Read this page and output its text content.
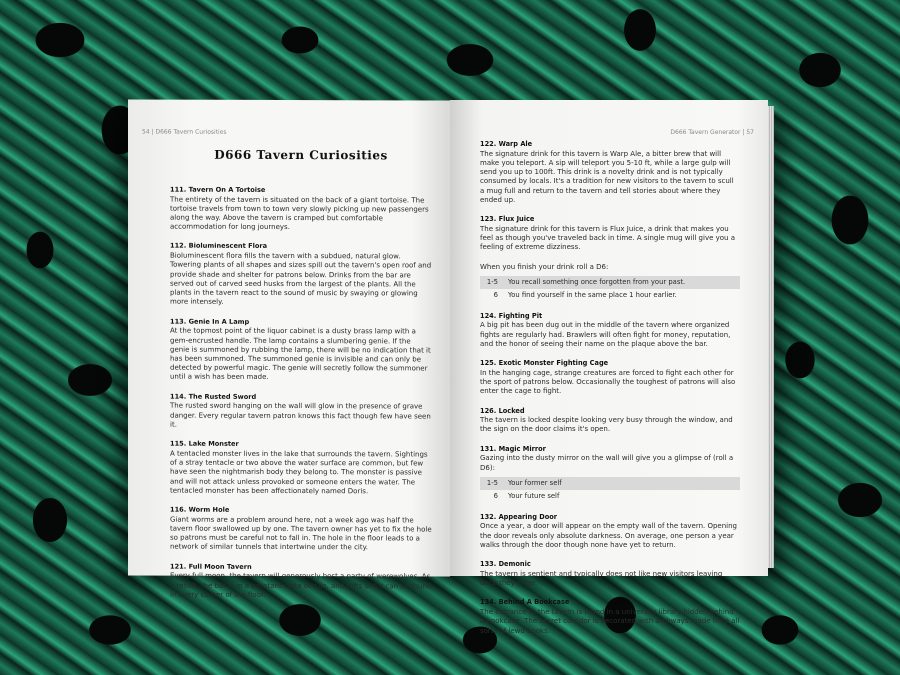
54 | D666 Tavern Curiosities
D666 Tavern Curiosities
111. Tavern On A Tortoise

The entirety of the tavern is situated on the back of a giant tortoise. The tortoise travels from town to town very slowly picking up new passengers along the way. Above the tavern is cramped but comfortable accommodation for long journeys.

112. Bioluminescent Flora

Bioluminescent flora fills the tavern with a subdued, natural glow. Towering plants of all shapes and sizes spill out the tavern's open roof and provide shade and shelter for patrons below. Drinks from the bar are served out of carved seed husks from the largest of the plants. All the plants in the tavern react to the sound of music by swaying or glowing more intensely.

113. Genie In A Lamp

At the topmost point of the liquor cabinet is a dusty brass lamp with a gem-encrusted handle. The lamp contains a slumbering genie. If the genie is summoned by rubbing the lamp, there will be no indication that it has been summoned. The summoned genie is invisible and can only be detected by powerful magic. The genie will secretly follow the summoner until a wish has been made.

114. The Rusted Sword

The rusted sword hanging on the wall will glow in the presence of grave danger. Every regular tavern patron knows this fact though few have seen it.

115. Lake Monster

A tentacled monster lives in the lake that surrounds the tavern. Sightings of a stray tentacle or two above the water surface are common, but few have seen the nightmarish body they belong to. The monster is passive and will not attack unless provoked or someone enters the water. The tentacled monster has been affectionately named Doris.

116. Worm Hole

Giant worms are a problem around here, not a week ago was half the tavern floor swallowed up by one. The tavern owner has yet to fix the hole so patrons must be careful not to fall in. The hole in the floor leads to a network of similar tunnels that intertwine under the city.

121. Full Moon Tavern

Every full moon, the tavern will generously host a party of werewolves. As a result, the bar is in a constant state of ruin, and tufts of fur can be found in every corner of the floor.

D666 Tavern Generator | 57
122. Warp Ale

The signature drink for this tavern is Warp Ale, a bitter brew that will make you teleport. A sip will teleport you 5-10 ft, while a large gulp will send you up to 100ft. This drink is a novelty drink and is not typically consumed by locals. It's a tradition for new visitors to the tavern to scull a mug full and return to the tavern and tell stories about where they ended up.

123. Flux Juice

The signature drink for this tavern is Flux Juice, a drink that makes you feel as though you've traveled back in time. A single mug will give you a feeling of extreme dizziness.

When you finish your drink roll a D6:

1-5	You recall something once forgotten from your past.
6	You find yourself in the same place 1 hour earlier.
124. Fighting Pit

A big pit has been dug out in the middle of the tavern where organized fights are regularly had. Brawlers will often fight for money, reputation, and the honor of seeing their name on the plaque above the bar.

125. Exotic Monster Fighting Cage

In the hanging cage, strange creatures are forced to fight each other for the sport of patrons below. Occasionally the toughest of patrons will also enter the cage to fight.

126. Locked

The tavern is locked despite looking very busy through the window, and the sign on the door claims it's open.

131. Magic Mirror

Gazing into the dusty mirror on the wall will give you a glimpse of (roll a D6):

1-5	Your former self
6	Your future self
132. Appearing Door

Once a year, a door will appear on the empty wall of the tavern. Opening the door reveals only absolute darkness. On average, one person a year walks through the door though none have yet to return.

133. Demonic

The tavern is sentient and typically does not like new visitors leaving once they enter.

134. Behind A Bookcase

The entrance to the tavern is found in a university library hidden behind a bookcase. The secret corridor is decorated with archways made from all sorts of lewd books.
